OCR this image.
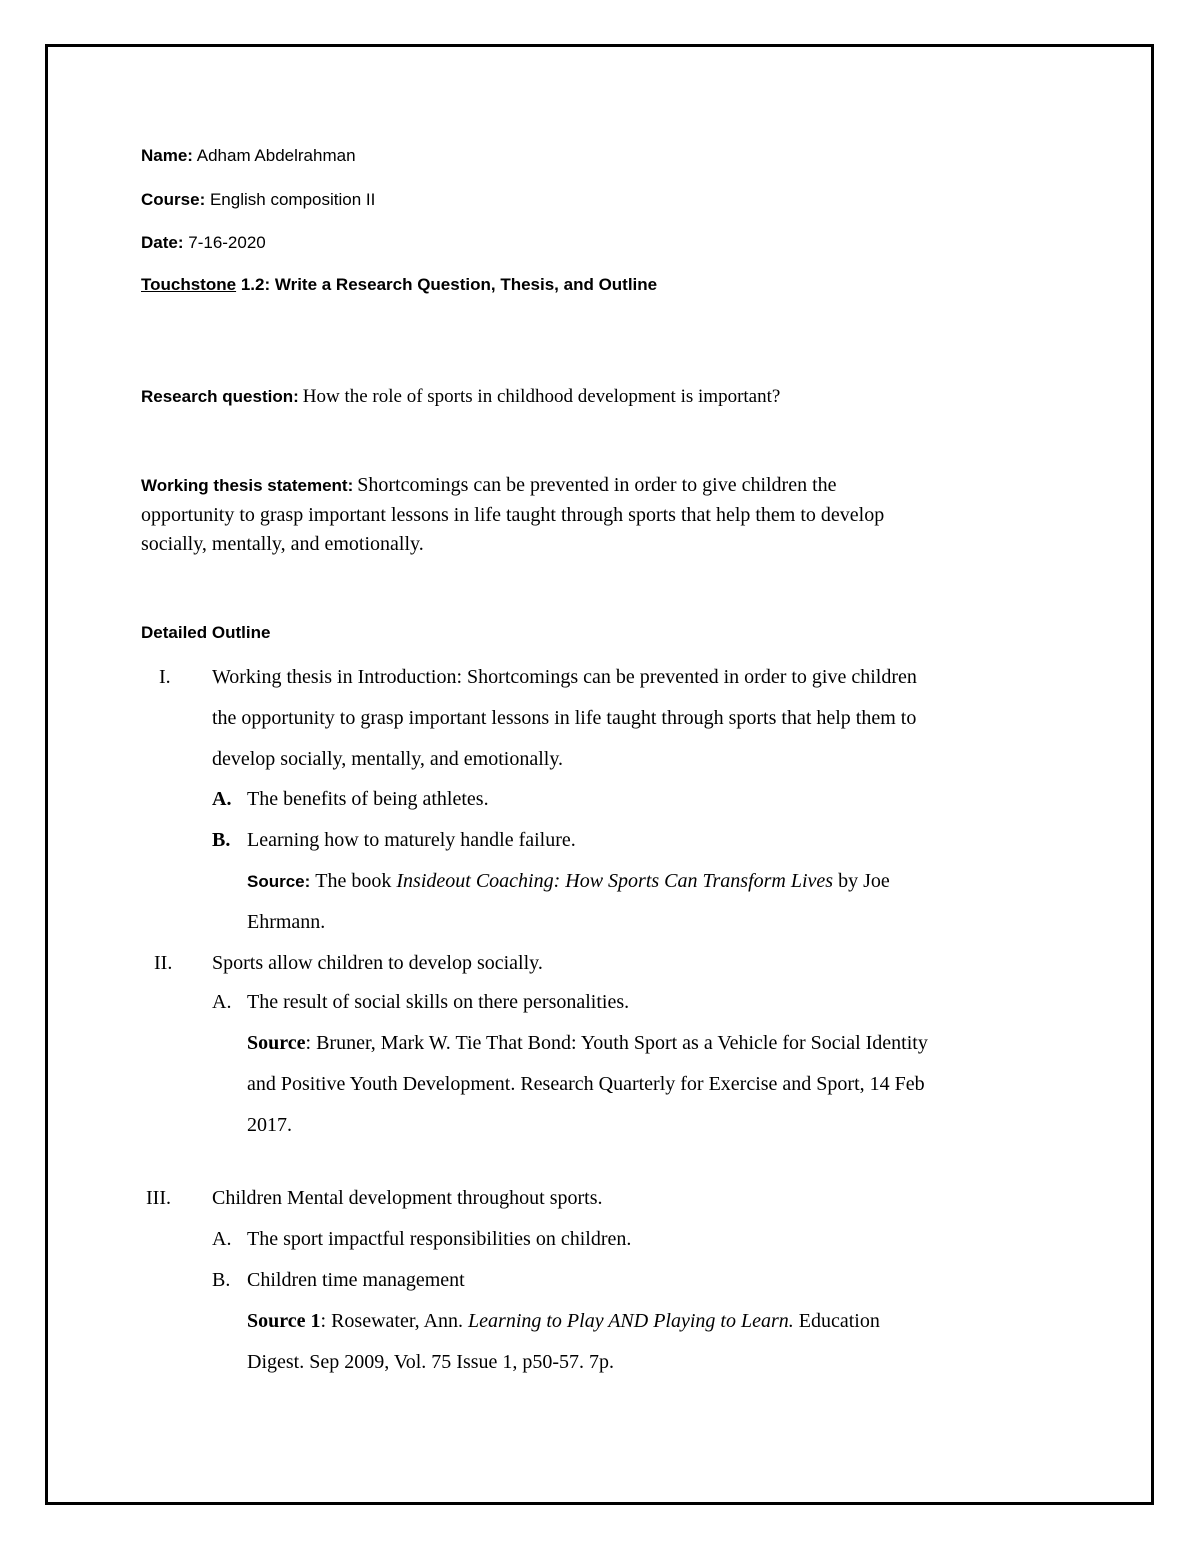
Name: Adham Abdelrahman
Course: English composition II
Date: 7-16-2020
Touchstone 1.2: Write a Research Question, Thesis, and Outline
Research question: How the role of sports in childhood development is important?
Working thesis statement: Shortcomings can be prevented in order to give children the
opportunity to grasp important lessons in life taught through sports that help them to develop
socially, mentally, and emotionally.
Detailed Outline
I. Working thesis in Introduction: Shortcomings can be prevented in order to give children
the opportunity to grasp important lessons in life taught through sports that help them to
develop socially, mentally, and emotionally.
A. The benefits of being athletes.
B. Learning how to maturely handle failure.
Source: The book Insideout Coaching: How Sports Can Transform Lives by Joe
Ehrmann.
II. Sports allow children to develop socially.
A. The result of social skills on there personalities.
Source: Bruner, Mark W. Tie That Bond: Youth Sport as a Vehicle for Social Identity
and Positive Youth Development. Research Quarterly for Exercise and Sport, 14 Feb
2017.
III. Children Mental development throughout sports.
A. The sport impactful responsibilities on children.
B. Children time management
Source 1: Rosewater, Ann. Learning to Play AND Playing to Learn. Education
Digest. Sep 2009, Vol. 75 Issue 1, p50-57. 7p.
